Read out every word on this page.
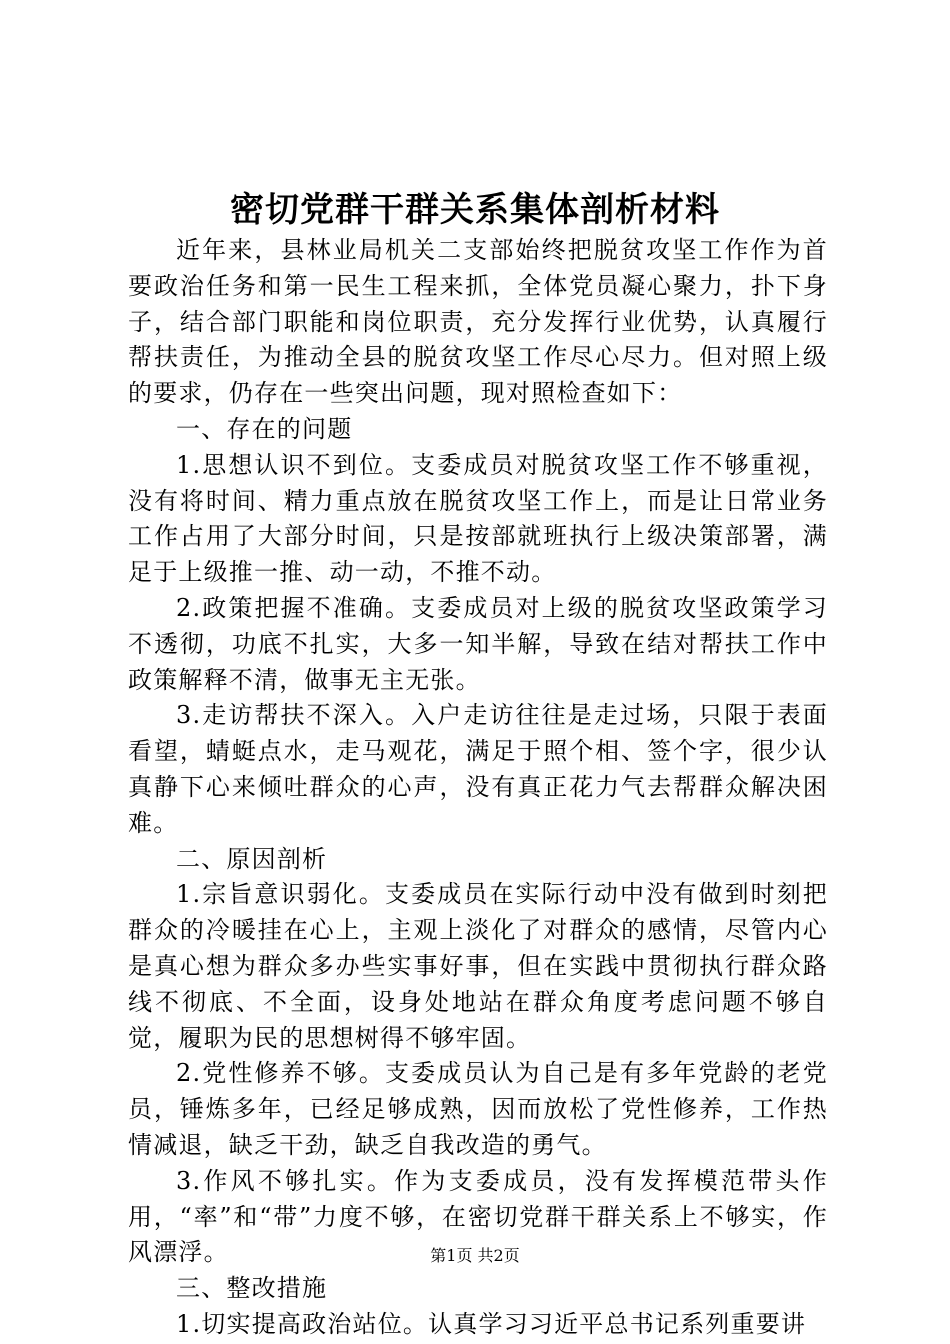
密切党群干群关系集体剖析材料

近年来，县林业局机关二支部始终把脱贫攻坚工作作为首要政治任务和第一民生工程来抓，全体党员凝心聚力，扑下身子，结合部门职能和岗位职责，充分发挥行业优势，认真履行帮扶责任，为推动全县的脱贫攻坚工作尽心尽力。但对照上级的要求，仍存在一些突出问题，现对照检查如下：

一、存在的问题

1.思想认识不到位。支委成员对脱贫攻坚工作不够重视，没有将时间、精力重点放在脱贫攻坚工作上，而是让日常业务工作占用了大部分时间，只是按部就班执行上级决策部署，满足于上级推一推、动一动，不推不动。

2.政策把握不准确。支委成员对上级的脱贫攻坚政策学习不透彻，功底不扎实，大多一知半解，导致在结对帮扶工作中政策解释不清，做事无主无张。

3.走访帮扶不深入。入户走访往往是走过场，只限于表面看望，蜻蜓点水，走马观花，满足于照个相、签个字，很少认真静下心来倾吐群众的心声，没有真正花力气去帮群众解决困难。

二、原因剖析

1.宗旨意识弱化。支委成员在实际行动中没有做到时刻把群众的冷暖挂在心上，主观上淡化了对群众的感情，尽管内心是真心想为群众多办些实事好事，但在实践中贯彻执行群众路线不彻底、不全面，设身处地站在群众角度考虑问题不够自觉，履职为民的思想树得不够牢固。

2.党性修养不够。支委成员认为自己是有多年党龄的老党员，锤炼多年，已经足够成熟，因而放松了党性修养，工作热情减退，缺乏干劲，缺乏自我改造的勇气。

3.作风不够扎实。作为支委成员，没有发挥模范带头作用，“率”和“带”力度不够，在密切党群干群关系上不够实，作风漂浮。

三、整改措施

1.切实提高政治站位。认真学习习近平总书记系列重要讲

第1页 共2页
